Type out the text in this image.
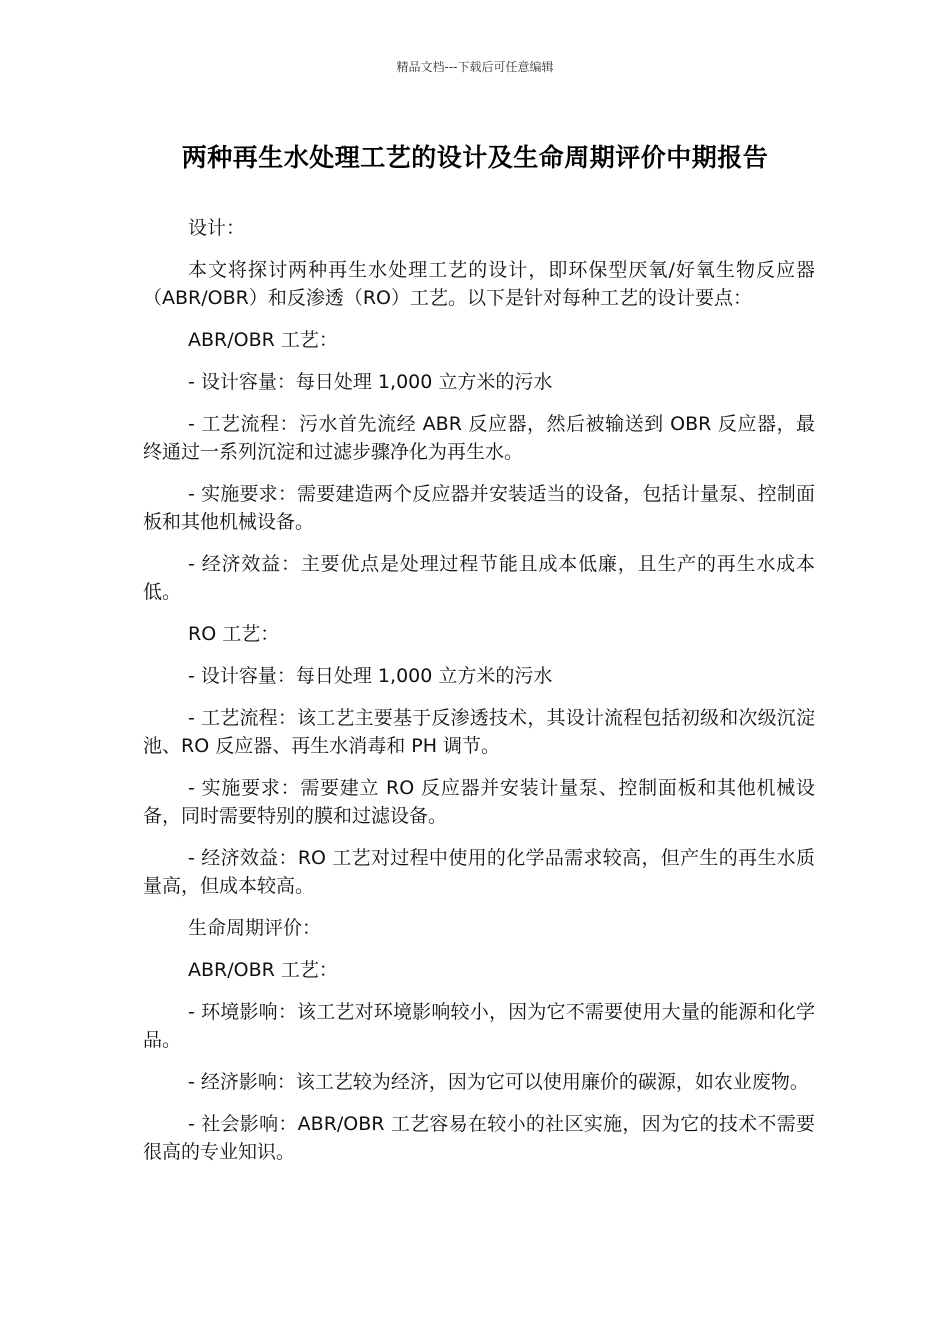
精品文档---下载后可任意编辑
两种再生水处理工艺的设计及生命周期评价中期报告

设计：

本文将探讨两种再生水处理工艺的设计，即环保型厌氧/好氧生物反应器（ABR/OBR）和反渗透（RO）工艺。以下是针对每种工艺的设计要点：

ABR/OBR 工艺：

- 设计容量：每日处理 1,000 立方米的污水

- 工艺流程：污水首先流经 ABR 反应器，然后被输送到 OBR 反应器，最终通过一系列沉淀和过滤步骤净化为再生水。

- 实施要求：需要建造两个反应器并安装适当的设备，包括计量泵、控制面板和其他机械设备。

- 经济效益：主要优点是处理过程节能且成本低廉，且生产的再生水成本低。

RO 工艺：

- 设计容量：每日处理 1,000 立方米的污水

- 工艺流程：该工艺主要基于反渗透技术，其设计流程包括初级和次级沉淀池、RO 反应器、再生水消毒和 PH 调节。

- 实施要求：需要建立 RO 反应器并安装计量泵、控制面板和其他机械设备，同时需要特别的膜和过滤设备。

- 经济效益：RO 工艺对过程中使用的化学品需求较高，但产生的再生水质量高，但成本较高。

生命周期评价：

ABR/OBR 工艺：

- 环境影响：该工艺对环境影响较小，因为它不需要使用大量的能源和化学品。

- 经济影响：该工艺较为经济，因为它可以使用廉价的碳源，如农业废物。

- 社会影响：ABR/OBR 工艺容易在较小的社区实施，因为它的技术不需要很高的专业知识。
